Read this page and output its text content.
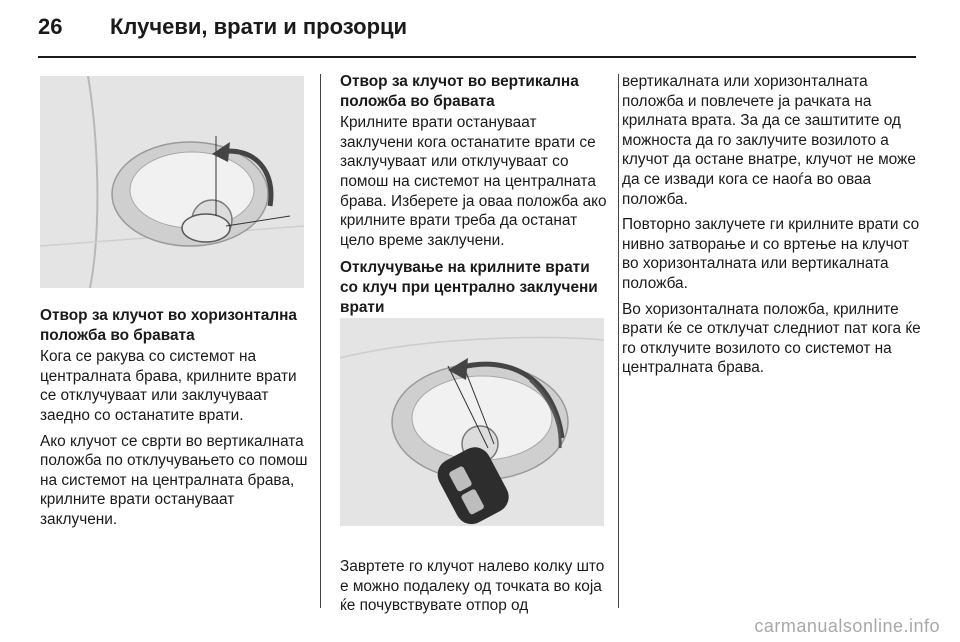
26 Клучеви, врати и прозорци
Отвор за клучот во хоризонтална положба во бравата

Кога се ракува со системот на централната брава, крилните врати се отклучуваат или заклучуваат заедно со останатите врати.

Ако клучот се сврти во вертикалната положба по отклучувањето со помош на системот на централната брава, крилните врати остануваат заклучени.

Отвор за клучот во вертикална положба во бравата

Крилните врати остануваат заклучени кога останатите врати се заклучуваат или отклучуваат со помош на системот на централната брава. Изберете ја оваа положба ако крилните врати треба да останат цело време заклучени.

Отклучување на крилните врати со клуч при централно заклучени врати

Завртете го клучот налево колку што е можно подалеку од точката во која ќе почувствувате отпор од

вертикалната или хоризонталната положба и повлечете ја рачката на крилната врата. За да се заштитите од можноста да го заклучите возилото а клучот да остане внатре, клучот не може да се извади кога се наоѓа во оваа положба.

Повторно заклучете ги крилните врати со нивно затворање и со вртење на клучот во хоризонталната или вертикалната положба.

Во хоризонталната положба, крилните врати ќе се отклучат следниот пат кога ќе го отклучите возилото со системот на централната брава.

carmanualsonline.info
